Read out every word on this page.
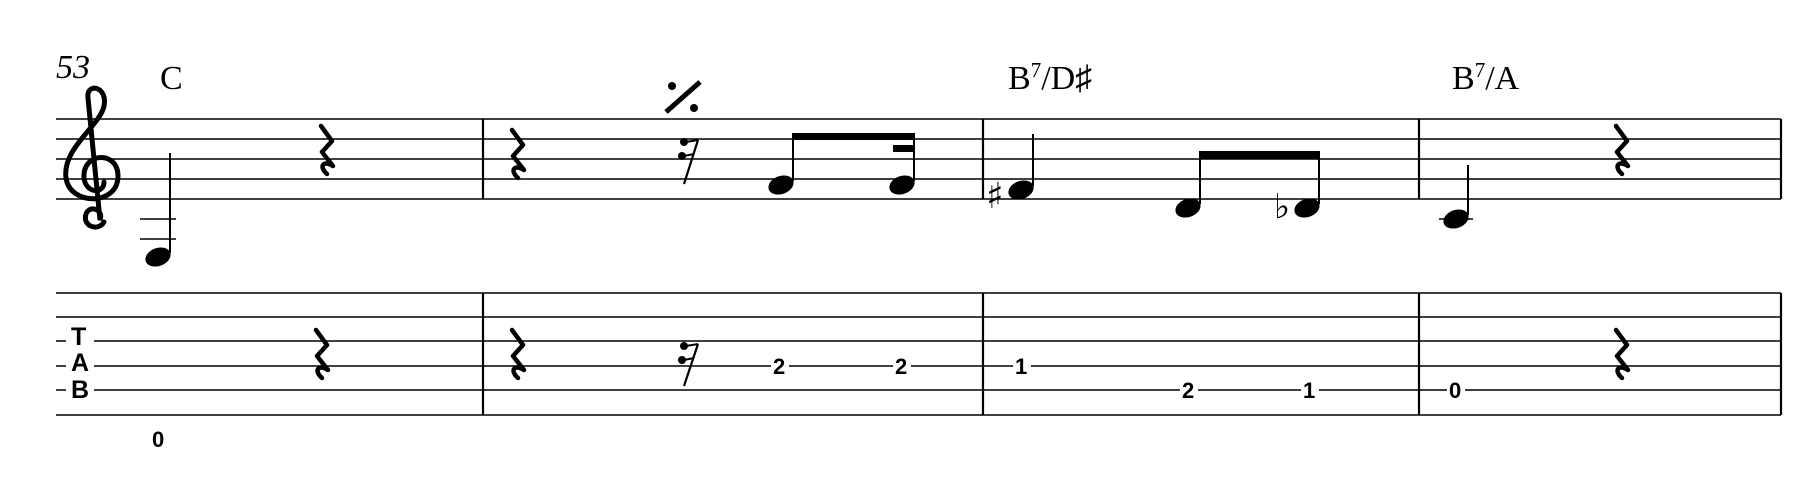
53 C	$B^7/D♯$	$B^7/A$
♯	♭
T
A
B
0
2	2	1
2	1	0
